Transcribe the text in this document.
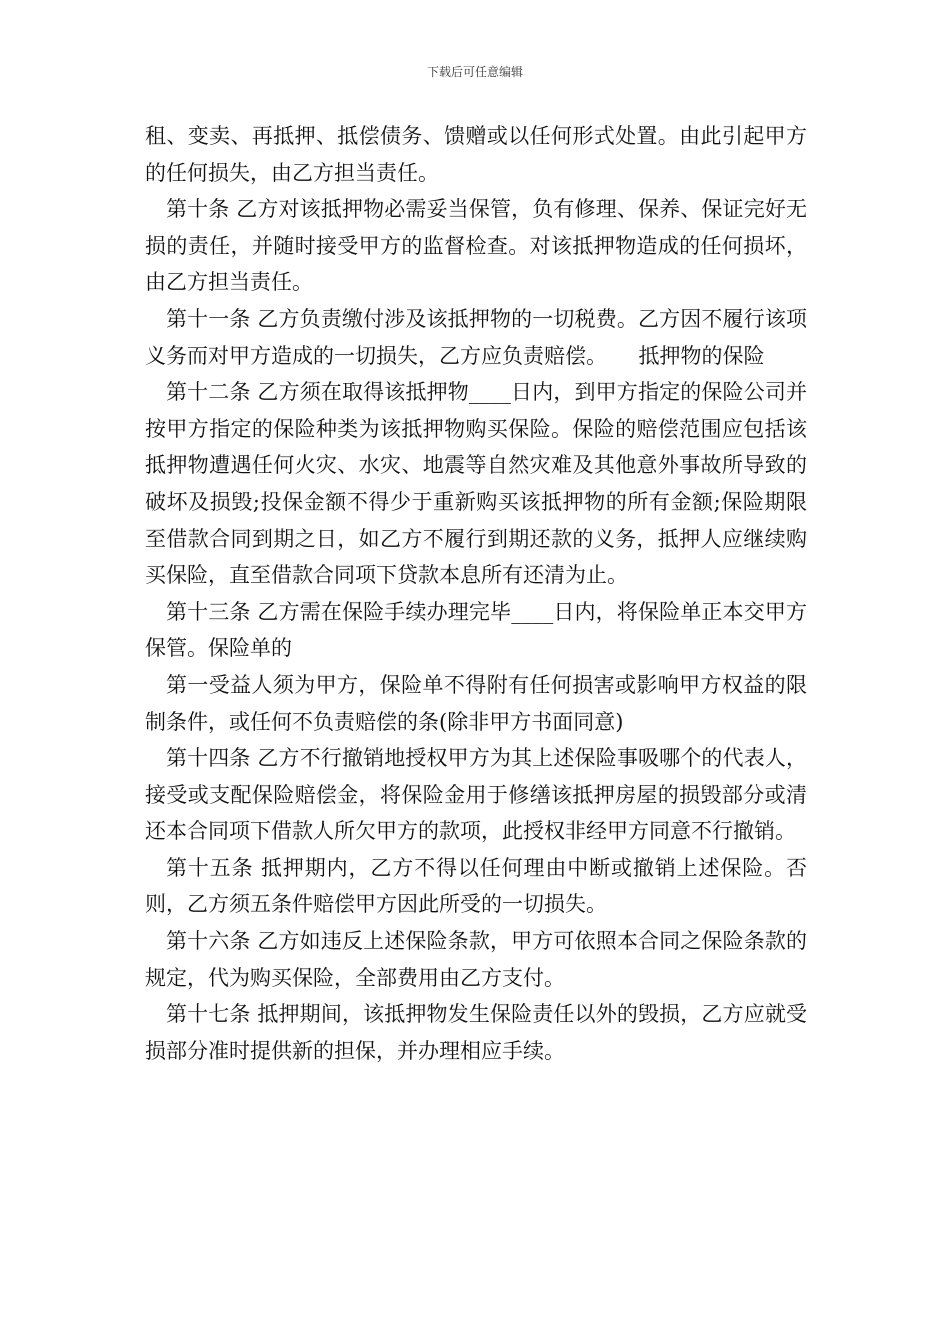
下载后可任意编辑

租、变卖、再抵押、抵偿债务、馈赠或以任何形式处置。由此引起甲方的任何损失，由乙方担当责任。

第十条 乙方对该抵押物必需妥当保管，负有修理、保养、保证完好无损的责任，并随时接受甲方的监督检查。对该抵押物造成的任何损坏，由乙方担当责任。

第十一条 乙方负责缴付涉及该抵押物的一切税费。乙方因不履行该项义务而对甲方造成的一切损失，乙方应负责赔偿。　　抵押物的保险

第十二条 乙方须在取得该抵押物____日内，到甲方指定的保险公司并按甲方指定的保险种类为该抵押物购买保险。保险的赔偿范围应包括该抵押物遭遇任何火灾、水灾、地震等自然灾难及其他意外事故所导致的破坏及损毁;投保金额不得少于重新购买该抵押物的所有金额;保险期限至借款合同到期之日，如乙方不履行到期还款的义务，抵押人应继续购买保险，直至借款合同项下贷款本息所有还清为止。

第十三条 乙方需在保险手续办理完毕____日内，将保险单正本交甲方保管。保险单的

第一受益人须为甲方，保险单不得附有任何损害或影响甲方权益的限制条件，或任何不负责赔偿的条(除非甲方书面同意)

第十四条 乙方不行撤销地授权甲方为其上述保险事吸哪个的代表人，接受或支配保险赔偿金，将保险金用于修缮该抵押房屋的损毁部分或清还本合同项下借款人所欠甲方的款项，此授权非经甲方同意不行撤销。

第十五条 抵押期内，乙方不得以任何理由中断或撤销上述保险。否则，乙方须五条件赔偿甲方因此所受的一切损失。

第十六条 乙方如违反上述保险条款，甲方可依照本合同之保险条款的规定，代为购买保险，全部费用由乙方支付。

第十七条 抵押期间，该抵押物发生保险责任以外的毁损，乙方应就受损部分准时提供新的担保，并办理相应手续。
